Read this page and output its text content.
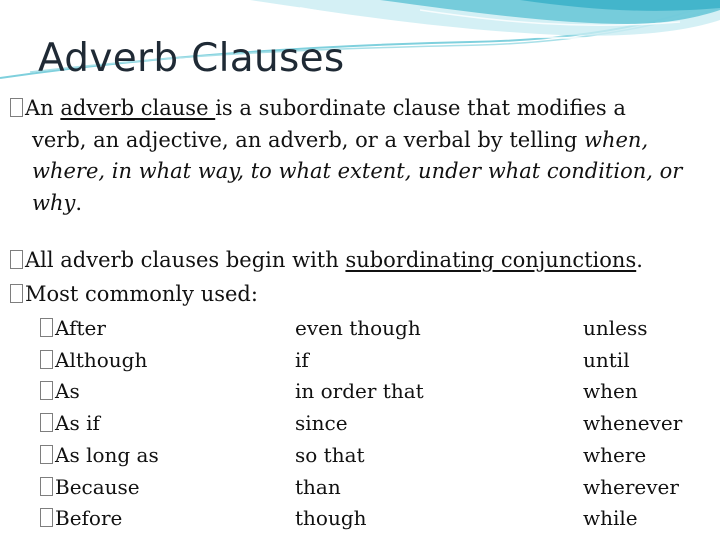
Adverb Clauses
An adverb clause is a subordinate clause that modifies a
verb, an adjective, an adverb, or a verbal by telling when,
where, in what way, to what extent, under what condition, or
why.
All adverb clauses begin with subordinating conjunctions.
Most commonly used:
After
Although
As
As if
As long as
Because
Before
even though
if
in order that
since
so that
than
though
unless
until
when
whenever
where
wherever
while
